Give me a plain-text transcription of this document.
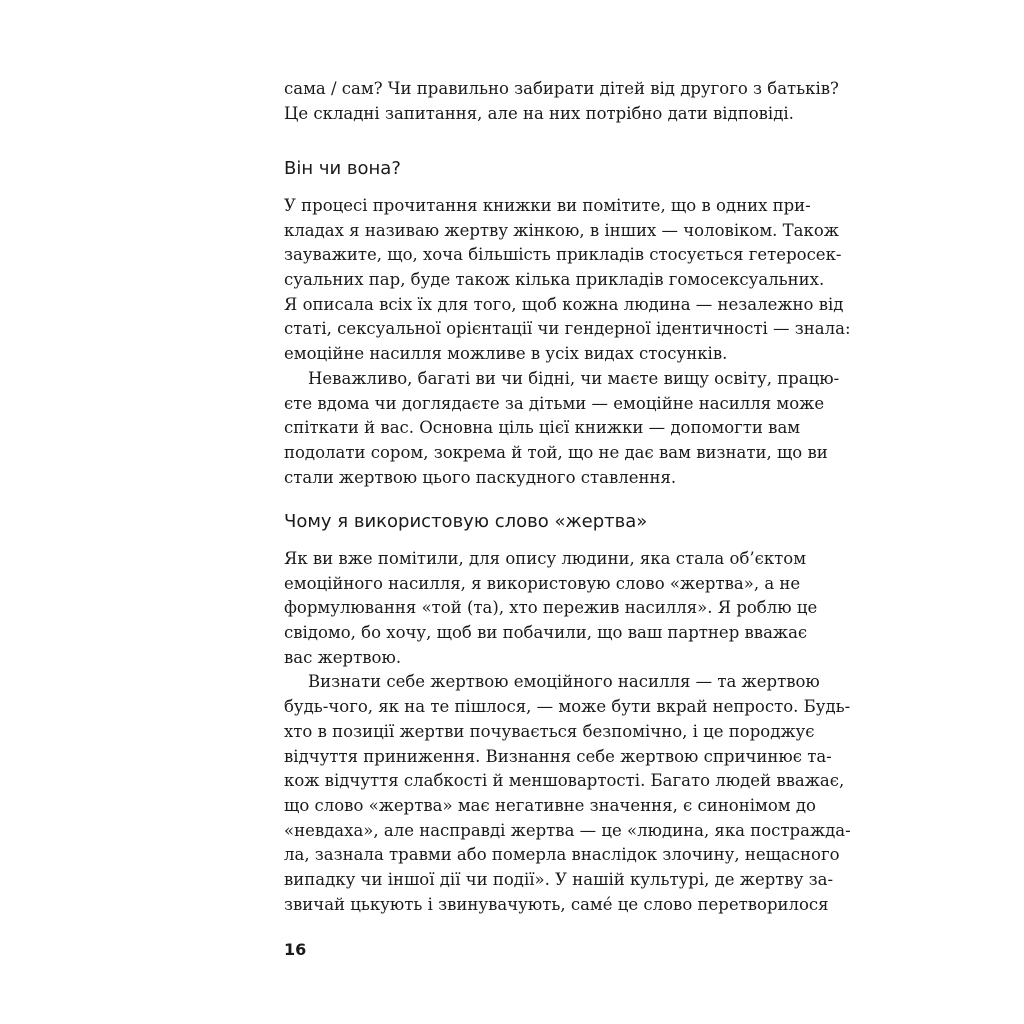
сама / сам? Чи правильно забирати дітей від другого з батьків?
Це складні запитання, але на них потрібно дати відповіді.
Він чи вона?
У процесі прочитання книжки ви помітите, що в одних при-
кладах я називаю жертву жінкою, в інших — чоловіком. Також
зауважите, що, хоча більшість прикладів стосується гетеросек-
суальних пар, буде також кілька прикладів гомосексуальних.
Я описала всіх їх для того, щоб кожна людина — незалежно від
статі, сексуальної орієнтації чи гендерної ідентичності — знала:
емоційне насилля можливе в усіх видах стосунків.
Неважливо, багаті ви чи бідні, чи маєте вищу освіту, працю-
єте вдома чи доглядаєте за дітьми — емоційне насилля може
спіткати й вас. Основна ціль цієї книжки — допомогти вам
подолати сором, зокрема й той, що не дає вам визнати, що ви
стали жертвою цього паскудного ставлення.
Чому я використовую слово «жертва»
Як ви вже помітили, для опису людини, яка стала об’єктом
емоційного насилля, я використовую слово «жертва», а не
формулювання «той (та), хто пережив насилля». Я роблю це
свідомо, бо хочу, щоб ви побачили, що ваш партнер вважає
вас жертвою.
Визнати себе жертвою емоційного насилля — та жертвою
будь-чого, як на те пішлося, — може бути вкрай непросто. Будь-
хто в позиції жертви почувається безпомічно, і це породжує
відчуття приниження. Визнання себе жертвою спричинює та-
кож відчуття слабкості й меншовартості. Багато людей вважає,
що слово «жертва» має негативне значення, є синонімом до
«невдаха», але насправді жертва — це «людина, яка постражда-
ла, зазнала травми або померла внаслідок злочину, нещасного
випадку чи іншої дії чи події». У нашій культурі, де жертву за-
звичай цькують і звинувачують, саме́ це слово перетворилося
16
